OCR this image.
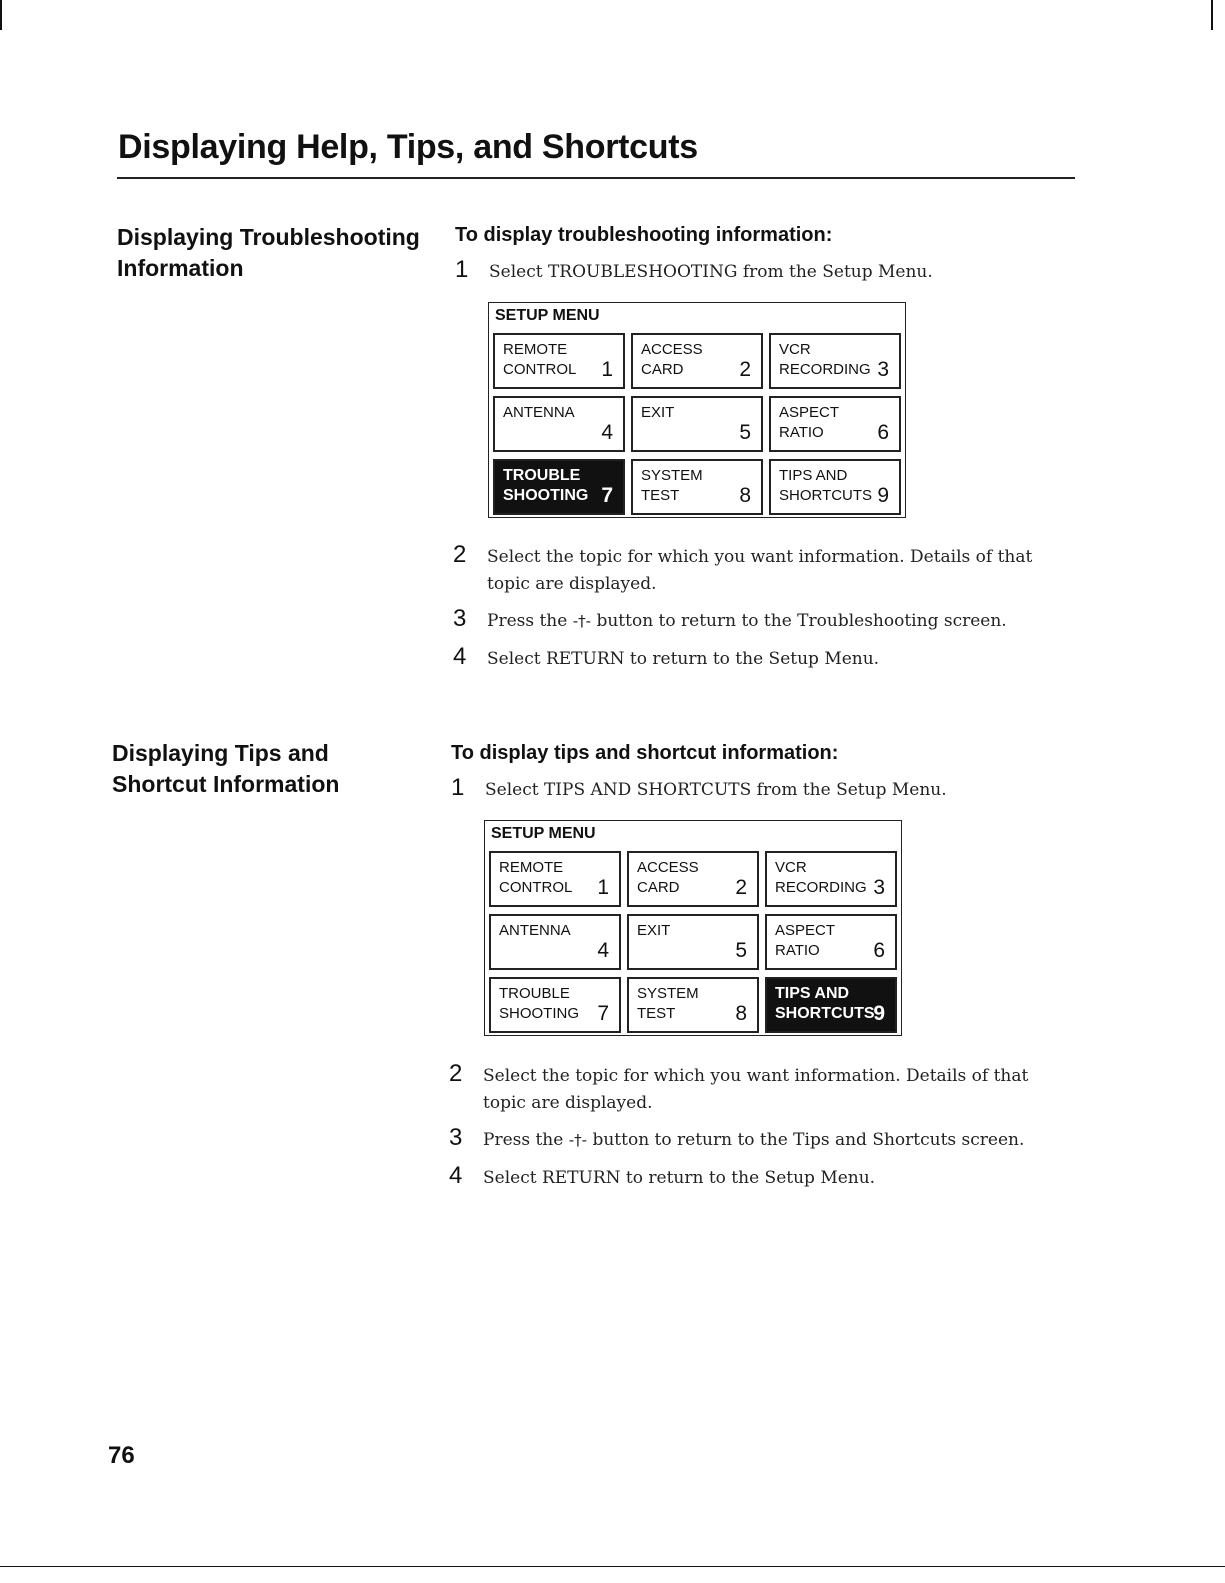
Displaying Help, Tips, and Shortcuts
Displaying Troubleshooting
Information
To display troubleshooting information:
1 Select TROUBLESHOOTING from the Setup Menu.
SETUP MENU
REMOTE
CONTROL 1
ACCESS
CARD	2
VCR
RECORDING 3
ANTENNA
4
EXIT
5
ASPECT
RATIO	6
TROUBLE
SHOOTING 7
SYSTEM
TEST	8
TIPS AND
SHORTCUTS 9
2 Select the topic for which you want information. Details of that topic are displayed.
3 Press the -†- button to return to the Troubleshooting screen.
4 Select RETURN to return to the Setup Menu.
Displaying Tips and
Shortcut Information
To display tips and shortcut information:
1 Select TIPS AND SHORTCUTS from the Setup Menu.
SETUP MENU
REMOTE
CONTROL 1
ACCESS
CARD	2
VCR
RECORDING 3
ANTENNA
4
EXIT
5
ASPECT
RATIO	6
TROUBLE
SHOOTING 7
SYSTEM
TEST	8
TIPS AND
SHORTCUTS
9
2 Select the topic for which you want information. Details of that topic are displayed.
3 Press the -†- button to return to the Tips and Shortcuts screen.
4 Select RETURN to return to the Setup Menu.
76
